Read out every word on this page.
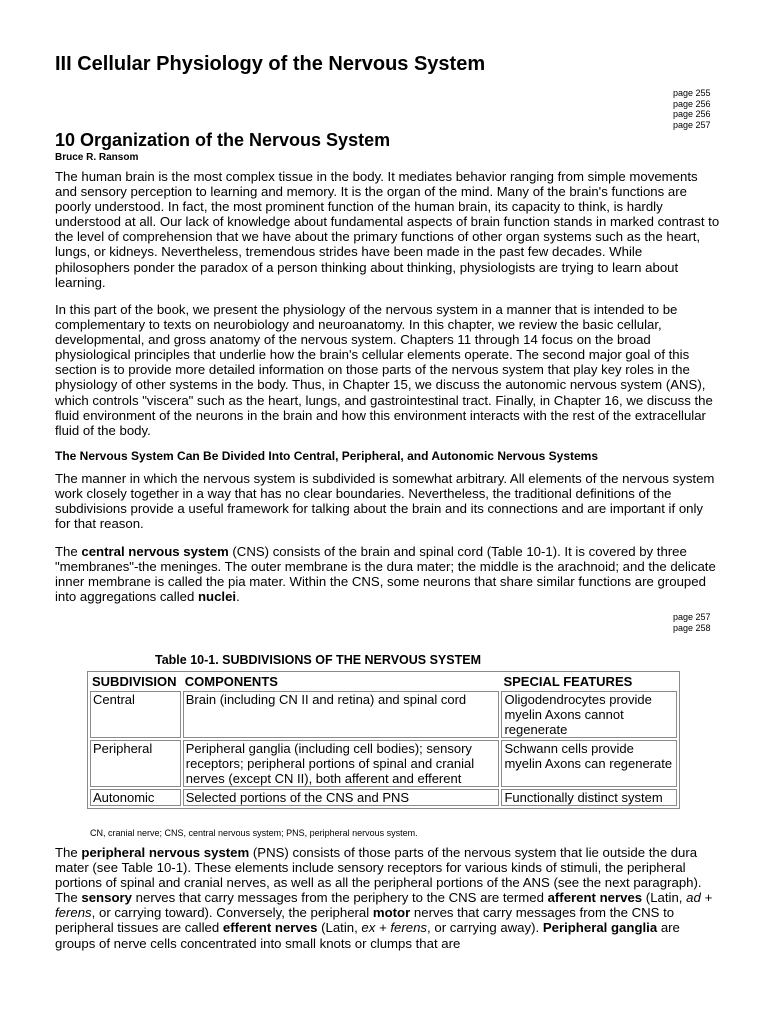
III Cellular Physiology of the Nervous System
page 255
page 256
page 256
page 257
10 Organization of the Nervous System
Bruce R. Ransom

The human brain is the most complex tissue in the body. It mediates behavior ranging from simple movements and sensory perception to learning and memory. It is the organ of the mind. Many of the brain's functions are poorly understood. In fact, the most prominent function of the human brain, its capacity to think, is hardly understood at all. Our lack of knowledge about fundamental aspects of brain function stands in marked contrast to the level of comprehension that we have about the primary functions of other organ systems such as the heart, lungs, or kidneys. Nevertheless, tremendous strides have been made in the past few decades. While philosophers ponder the paradox of a person thinking about thinking, physiologists are trying to learn about learning.

In this part of the book, we present the physiology of the nervous system in a manner that is intended to be complementary to texts on neurobiology and neuroanatomy. In this chapter, we review the basic cellular, developmental, and gross anatomy of the nervous system. Chapters 11 through 14 focus on the broad physiological principles that underlie how the brain's cellular elements operate. The second major goal of this section is to provide more detailed information on those parts of the nervous system that play key roles in the physiology of other systems in the body. Thus, in Chapter 15, we discuss the autonomic nervous system (ANS), which controls "viscera" such as the heart, lungs, and gastrointestinal tract. Finally, in Chapter 16, we discuss the fluid environment of the neurons in the brain and how this environment interacts with the rest of the extracellular fluid of the body.

The Nervous System Can Be Divided Into Central, Peripheral, and Autonomic Nervous Systems

The manner in which the nervous system is subdivided is somewhat arbitrary. All elements of the nervous system work closely together in a way that has no clear boundaries. Nevertheless, the traditional definitions of the subdivisions provide a useful framework for talking about the brain and its connections and are important if only for that reason.

The central nervous system (CNS) consists of the brain and spinal cord (Table 10-1). It is covered by three "membranes"-the meninges. The outer membrane is the dura mater; the middle is the arachnoid; and the delicate inner membrane is called the pia mater. Within the CNS, some neurons that share similar functions are grouped into aggregations called nuclei.

page 257
page 258
Table 10-1. SUBDIVISIONS OF THE NERVOUS SYSTEM
SUBDIVISION	COMPONENTS	SPECIAL FEATURES
Central	Brain (including CN II and retina) and spinal cord	Oligodendrocytes provide myelin Axons cannot regenerate
Peripheral	Peripheral ganglia (including cell bodies); sensory receptors; peripheral portions of spinal and cranial nerves (except CN II), both afferent and efferent	Schwann cells provide myelin Axons can regenerate
Autonomic	Selected portions of the CNS and PNS	Functionally distinct system
CN, cranial nerve; CNS, central nervous system; PNS, peripheral nervous system.

The peripheral nervous system (PNS) consists of those parts of the nervous system that lie outside the dura mater (see Table 10-1). These elements include sensory receptors for various kinds of stimuli, the peripheral portions of spinal and cranial nerves, as well as all the peripheral portions of the ANS (see the next paragraph). The sensory nerves that carry messages from the periphery to the CNS are termed afferent nerves (Latin, ad + ferens, or carrying toward). Conversely, the peripheral motor nerves that carry messages from the CNS to peripheral tissues are called efferent nerves (Latin, ex + ferens, or carrying away). Peripheral ganglia are groups of nerve cells concentrated into small knots or clumps that are
